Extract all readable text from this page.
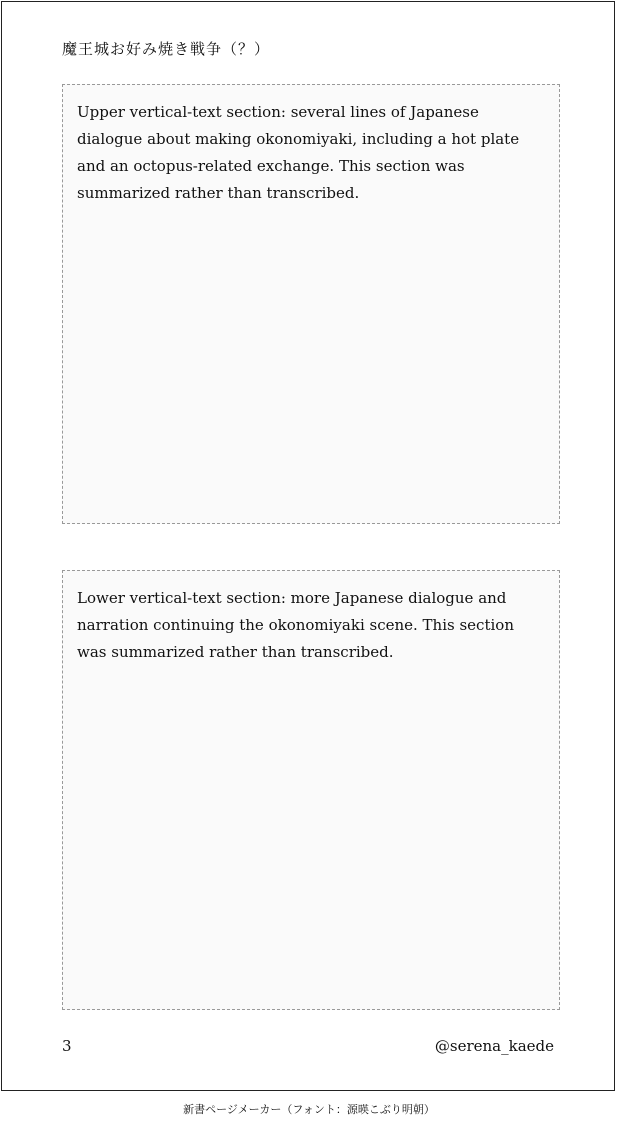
魔王城お好み焼き戦争（？）
Upper vertical-text section: several lines of Japanese dialogue about making okonomiyaki, including a hot plate and an octopus-related exchange. This section was summarized rather than transcribed.
Lower vertical-text section: more Japanese dialogue and narration continuing the okonomiyaki scene. This section was summarized rather than transcribed.
3	@serena_kaede
新書ページメーカー（フォント：源暎こぶり明朝）
